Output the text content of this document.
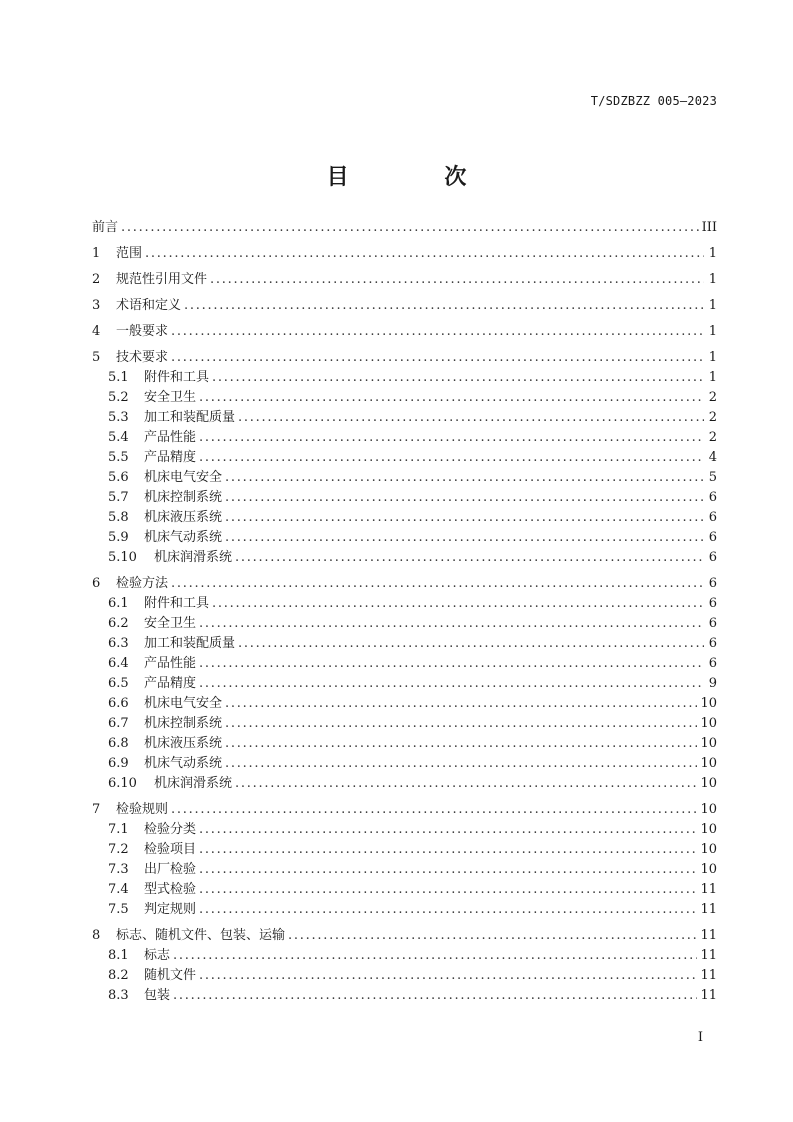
T/SDZBZZ 005—2023
目 次
前言 . . .	III
1	范围 . . .	1
2	规范性引用文件 . . .	1
3	术语和定义 . . .	1
4	一般要求 . . .	1
5	技术要求 . . .	1
5.1	附件和工具 . . .	1
5.2	安全卫生 . . .	2
5.3	加工和装配质量 . . .	2
5.4	产品性能 . . .	2
5.5	产品精度 . . .	4
5.6	机床电气安全 . . .	5
5.7	机床控制系统 . . .	6
5.8	机床液压系统 . . .	6
5.9	机床气动系统 . . .	6
5.10	机床润滑系统 . . .	6
6	检验方法 . . .	6
6.1	附件和工具 . . .	6
6.2	安全卫生 . . .	6
6.3	加工和装配质量 . . .	6
6.4	产品性能 . . .	6
6.5	产品精度 . . .	9
6.6	机床电气安全 . . .	10
6.7	机床控制系统 . . .	10
6.8	机床液压系统 . . .	10
6.9	机床气动系统 . . .	10
6.10	机床润滑系统 . . .	10
7	检验规则 . . .	10
7.1	检验分类 . . .	10
7.2	检验项目 . . .	10
7.3	出厂检验 . . .	10
7.4	型式检验 . . .	11
7.5	判定规则 . . .	11
8	标志、随机文件、包装、运输 . . .	11
8.1	标志 . . .	11
8.2	随机文件 . . .	11
8.3	包装 . . .	11
I
